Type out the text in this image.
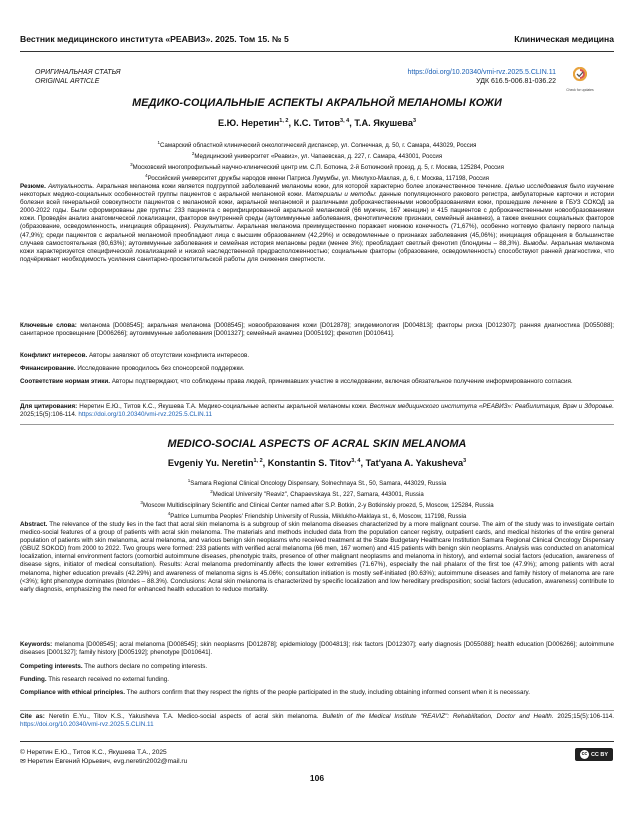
Вестник медицинского института «РЕАВИЗ». 2025. Том 15. № 5	Клиническая медицина
ОРИГИНАЛЬНАЯ СТАТЬЯ
ORIGINAL ARTICLE
https://doi.org/10.20340/vmi-rvz.2025.5.CLIN.11
УДК 616.5-006.81-036.22
Check for updates
МЕДИКО-СОЦИАЛЬНЫЕ АСПЕКТЫ АКРАЛЬНОЙ МЕЛАНОМЫ КОЖИ
Е.Ю. Неретин$^{1, 2}$, К.С. Титов$^{3, 4}$, Т.А. Якушева$^3$
$^1$Самарский областной клинический онкологический диспансер, ул. Солнечная, д. 50, г. Самара, 443029, Россия
$^2$Медицинский университет «Реавиз», ул. Чапаевская, д. 227, г. Самара, 443001, Россия
$^3$Московский многопрофильный научно-клинический центр им. С.П. Боткина, 2-й Боткинский проезд, д. 5, г. Москва, 125284, Россия
$^4$Российский университет дружбы народов имени Патриса Лумумбы, ул. Миклухо-Маклая, д. 6, г. Москва, 117198, Россия
Резюме. Актуальность. Акральная меланома кожи является подгруппой заболеваний меланомы кожи, для которой характерно более злокачественное течение. Целью исследования было изучение некоторых медико-социальных особенностей группы пациентов с акральной меланомой кожи. Материалы и методы: данные популяционного ракового регистра, амбулаторные карточки и истории болезни всей генеральной совокупности пациентов с меланомой кожи, акральной меланомой и различными доброкачественными новообразованиями кожи, прошедшие лечение в ГБУЗ СОКОД за 2000-2022 годы. Были сформированы две группы: 233 пациента с верифицированной акральной меланомой (66 мужчин, 167 женщин) и 415 пациентов с доброкачественными новообразованиями кожи. Проведён анализ анатомической локализации, факторов внутренней среды (аутоиммунные заболевания, фенотипические признаки, семейный анамнез), а также внешних социальных факторов (образование, осведомленность, инициация обращения). Результаты. Акральная меланома преимущественно поражает нижнюю конечность (71,67%), особенно ногтевую фалангу первого пальца (47,9%); среди пациентов с акральной меланомой преобладают лица с высшим образованием (42,29%) и осведомленные о признаках заболевания (45,06%); инициация обращения в большинстве случаев самостоятельная (80,63%); аутоиммунные заболевания и семейная история меланомы редки (менее 3%); преобладает светлый фенотип (блондины – 88,3%). Выводы. Акральная меланома кожи характеризуется специфической локализацией и низкой наследственной предрасположенностью; социальные факторы (образование, осведомленность) способствуют ранней диагностике, что подчёркивает необходимость усиления санитарно-просветительской работы для снижения смертности.
Ключевые слова: меланома [D008545]; акральная меланома [D008545]; новообразования кожи [D012878]; эпидемиология [D004813]; факторы риска [D012307]; ранняя диагностика [D055088]; санитарное просвещение [D006266]; аутоиммунные заболевания [D001327]; семейный анамнез [D005192]; фенотип [D010641].
Конфликт интересов. Авторы заявляют об отсутствии конфликта интересов.
Финансирование. Исследование проводилось без спонсорской поддержки.
Соответствие нормам этики. Авторы подтверждают, что соблюдены права людей, принимавших участие в исследовании, включая обязательное получение информированного согласия.
Для цитирования: Неретин Е.Ю., Титов К.С., Якушева Т.А. Медико-социальные аспекты акральной меланомы кожи. Вестник медицинского института «РЕАВИЗ»: Реабилитация, Врач и Здоровье. 2025;15(5):106-114. https://doi.org/10.20340/vmi-rvz.2025.5.CLIN.11
MEDICO-SOCIAL ASPECTS OF ACRAL SKIN MELANOMA
Evgeniy Yu. Neretin$^{1, 2}$, Konstantin S. Titov$^{3, 4}$, Tat'yana A. Yakusheva$^3$
$^1$Samara Regional Clinical Oncology Dispensary, Solnechnaya St., 50, Samara, 443029, Russia
$^2$Medical University "Reaviz", Chapaevskaya St., 227, Samara, 443001, Russia
$^3$Moscow Multidisciplinary Scientific and Clinical Center named after S.P. Botkin, 2-y Botkinskiy proezd, 5, Moscow, 125284, Russia
$^4$Patrice Lumumba Peoples' Friendship University of Russia, Miklukho-Maklaya st., 6, Moscow, 117198, Russia
Abstract. The relevance of the study lies in the fact that acral skin melanoma is a subgroup of skin melanoma diseases characterized by a more malignant course. The aim of the study was to investigate certain medico-social features of a group of patients with acral skin melanoma. The materials and methods included data from the population cancer registry, outpatient cards, and medical histories of the entire general population of patients with skin melanoma, acral melanoma, and various benign skin neoplasms who received treatment at the State Budgetary Healthcare Institution Samara Regional Clinical Oncology Dispensary (GBUZ SOKOD) from 2000 to 2022. Two groups were formed: 233 patients with verified acral melanoma (66 men, 167 women) and 415 patients with benign skin neoplasms. Analysis was conducted on anatomical localization, internal environment factors (comorbid autoimmune diseases, phenotypic traits, presence of other malignant neoplasms and melanoma in history), and external social factors (education, awareness of disease signs, initiator of medical consultation). Results: Acral melanoma predominantly affects the lower extremities (71.67%), especially the nail phalanx of the first toe (47.9%); among patients with acral melanoma, higher education prevails (42.29%) and awareness of melanoma signs is 45.06%; consultation initiation is mostly self-initiated (80.63%); autoimmune diseases and family history of melanoma are rare (<3%); light phenotype dominates (blondes – 88.3%). Conclusions: Acral skin melanoma is characterized by specific localization and low hereditary predisposition; social factors (education, awareness) contribute to early diagnosis, emphasizing the need for enhanced health education to reduce mortality.
Keywords: melanoma [D008545]; acral melanoma [D008545]; skin neoplasms [D012878]; epidemiology [D004813]; risk factors [D012307]; early diagnosis [D055088]; health education [D006266]; autoimmune diseases [D001327]; family history [D005192]; phenotype [D010641].
Competing interests. The authors declare no competing interests.
Funding. This research received no external funding.
Compliance with ethical principles. The authors confirm that they respect the rights of the people participated in the study, including obtaining informed consent when it is necessary.
Cite as: Neretin E.Yu., Titov K.S., Yakusheva T.A. Medico-social aspects of acral skin melanoma. Bulletin of the Medical Institute "REAVIZ": Rehabilitation, Doctor and Health. 2025;15(5):106-114. https://doi.org/10.20340/vmi-rvz.2025.5.CLIN.11
© Неретин Е.Ю., Титов К.С., Якушева Т.А., 2025
✉ Неретин Евгений Юрьевич, evg.neretin2002@mail.ru
cc CC BY
106
